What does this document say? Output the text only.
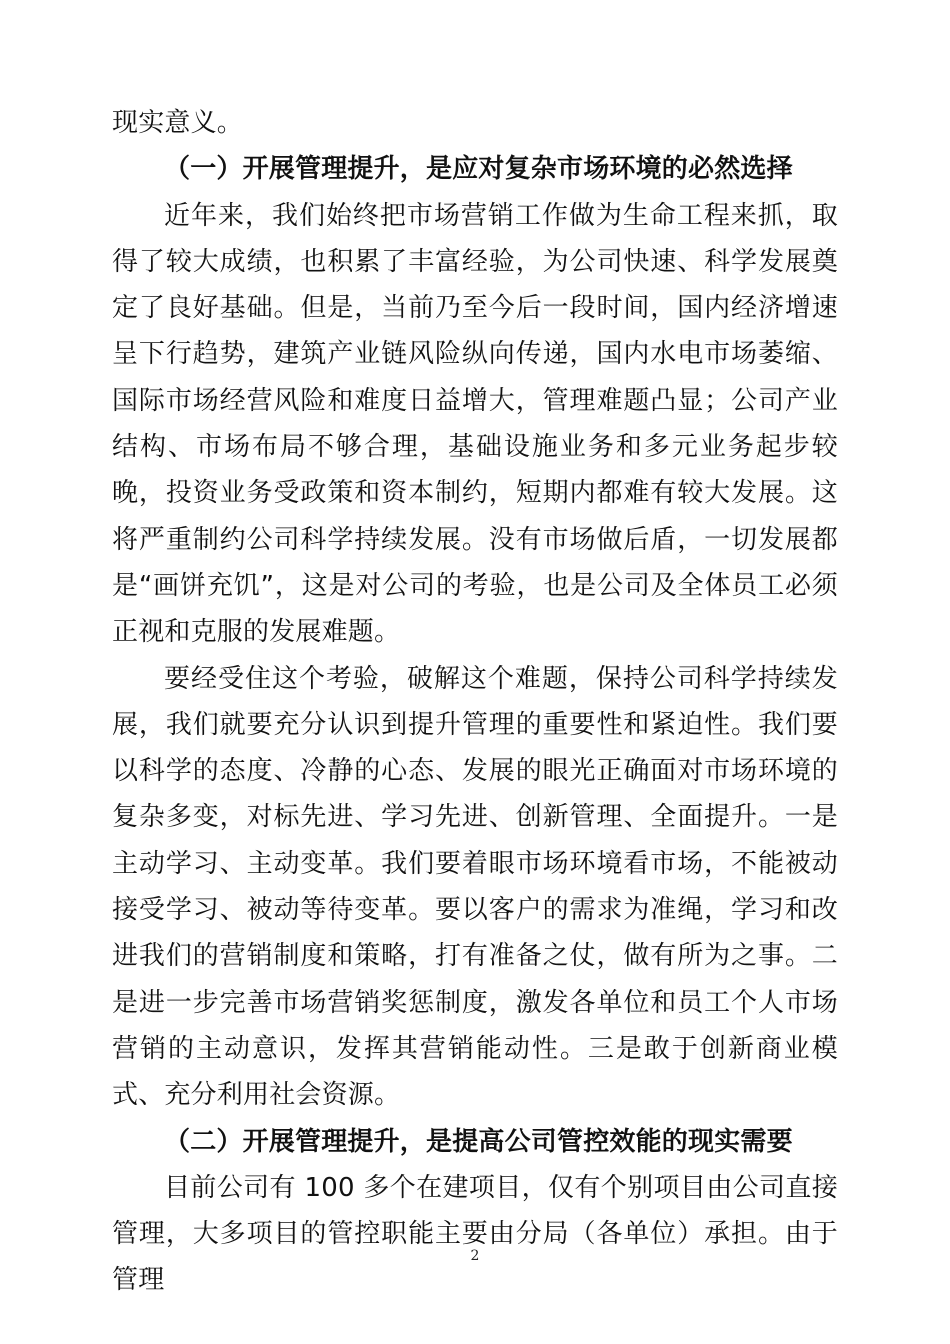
现实意义。

（一）开展管理提升，是应对复杂市场环境的必然选择

近年来，我们始终把市场营销工作做为生命工程来抓，取得了较大成绩，也积累了丰富经验，为公司快速、科学发展奠定了良好基础。但是，当前乃至今后一段时间，国内经济增速呈下行趋势，建筑产业链风险纵向传递，国内水电市场萎缩、国际市场经营风险和难度日益增大，管理难题凸显；公司产业结构、市场布局不够合理，基础设施业务和多元业务起步较晚，投资业务受政策和资本制约，短期内都难有较大发展。这将严重制约公司科学持续发展。没有市场做后盾，一切发展都是“画饼充饥”，这是对公司的考验，也是公司及全体员工必须正视和克服的发展难题。

要经受住这个考验，破解这个难题，保持公司科学持续发展，我们就要充分认识到提升管理的重要性和紧迫性。我们要以科学的态度、冷静的心态、发展的眼光正确面对市场环境的复杂多变，对标先进、学习先进、创新管理、全面提升。一是主动学习、主动变革。我们要着眼市场环境看市场，不能被动接受学习、被动等待变革。要以客户的需求为准绳，学习和改进我们的营销制度和策略，打有准备之仗，做有所为之事。二是进一步完善市场营销奖惩制度，激发各单位和员工个人市场营销的主动意识，发挥其营销能动性。三是敢于创新商业模式、充分利用社会资源。

（二）开展管理提升，是提高公司管控效能的现实需要

目前公司有 100 多个在建项目，仅有个别项目由公司直接管理，大多项目的管控职能主要由分局（各单位）承担。由于管理

2
